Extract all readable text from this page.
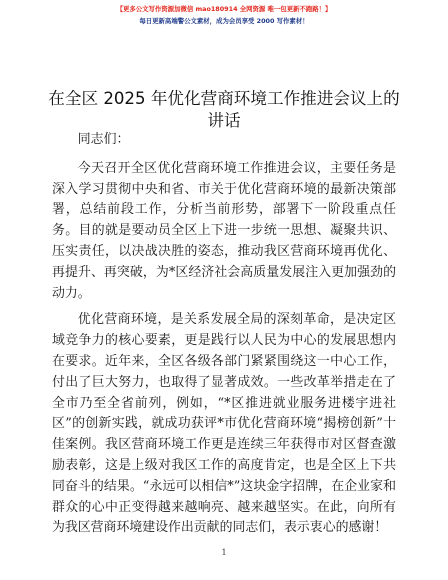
【更多公文写作资源加微信 mao180914 全网资源 唯一包更新不跑路！】
每日更新高端警公文素材，成为会员享受 2000 写作素材！
在全区 2025 年优化营商环境工作推进会议上的讲话

同志们：

今天召开全区优化营商环境工作推进会议，主要任务是深入学习贯彻中央和省、市关于优化营商环境的最新决策部署，总结前段工作，分析当前形势，部署下一阶段重点任务。目的就是要动员全区上下进一步统一思想、凝聚共识、压实责任，以决战决胜的姿态，推动我区营商环境再优化、再提升、再突破，为*区经济社会高质量发展注入更加强劲的动力。

优化营商环境，是关系发展全局的深刻革命，是决定区域竞争力的核心要素，更是践行以人民为中心的发展思想内在要求。近年来，全区各级各部门紧紧围绕这一中心工作，付出了巨大努力，也取得了显著成效。一些改革举措走在了全市乃至全省前列，例如，“*区推进就业服务进楼宇进社区”的创新实践，就成功获评*市优化营商环境“揭榜创新”十佳案例。我区营商环境工作更是连续三年获得市对区督查激励表彰，这是上级对我区工作的高度肯定，也是全区上下共同奋斗的结果。“永远可以相信*”这块金字招牌，在企业家和群众的心中正变得越来越响亮、越来越坚实。在此，向所有为我区营商环境建设作出贡献的同志们，表示衷心的感谢！

1
